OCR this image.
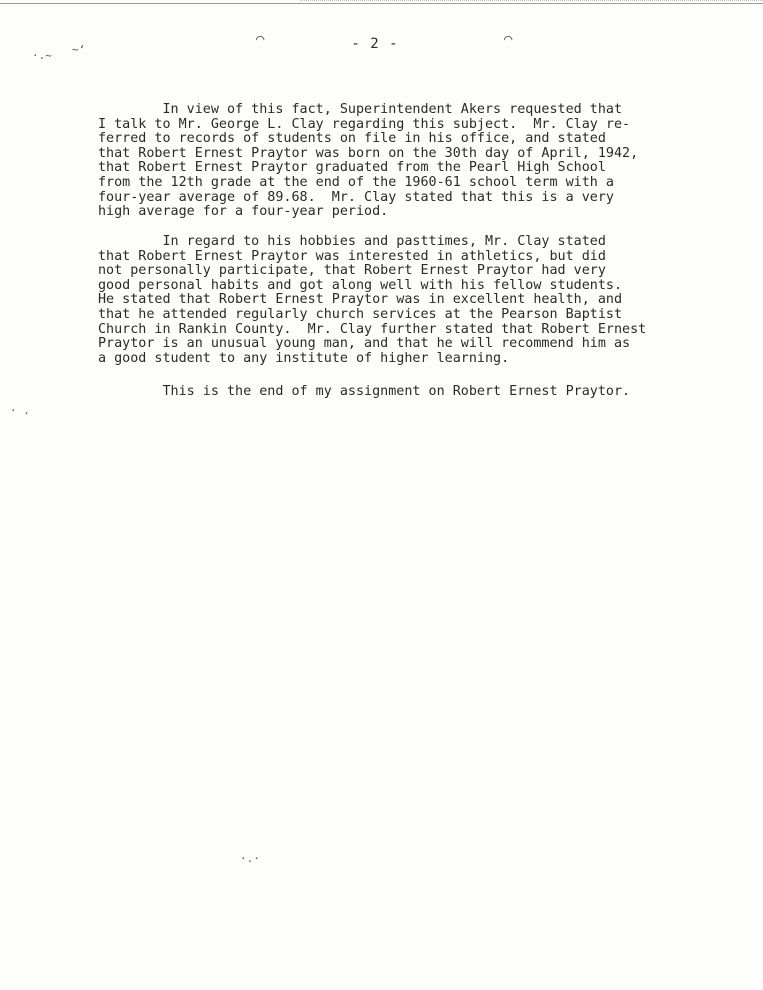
·.~ ~‘
⌒	⌒
· .
·.·
- 2 -
In view of this fact, Superintendent Akers requested that
I talk to Mr. George L. Clay regarding this subject.  Mr. Clay re-
ferred to records of students on file in his office, and stated
that Robert Ernest Praytor was born on the 30th day of April, 1942,
that Robert Ernest Praytor graduated from the Pearl High School
from the 12th grade at the end of the 1960-61 school term with a
four-year average of 89.68.  Mr. Clay stated that this is a very
high average for a four-year period.
In regard to his hobbies and pasttimes, Mr. Clay stated
that Robert Ernest Praytor was interested in athletics, but did
not personally participate, that Robert Ernest Praytor had very
good personal habits and got along well with his fellow students.
He stated that Robert Ernest Praytor was in excellent health, and
that he attended regularly church services at the Pearson Baptist
Church in Rankin County.  Mr. Clay further stated that Robert Ernest
Praytor is an unusual young man, and that he will recommend him as
a good student to any institute of higher learning.
This is the end of my assignment on Robert Ernest Praytor.
